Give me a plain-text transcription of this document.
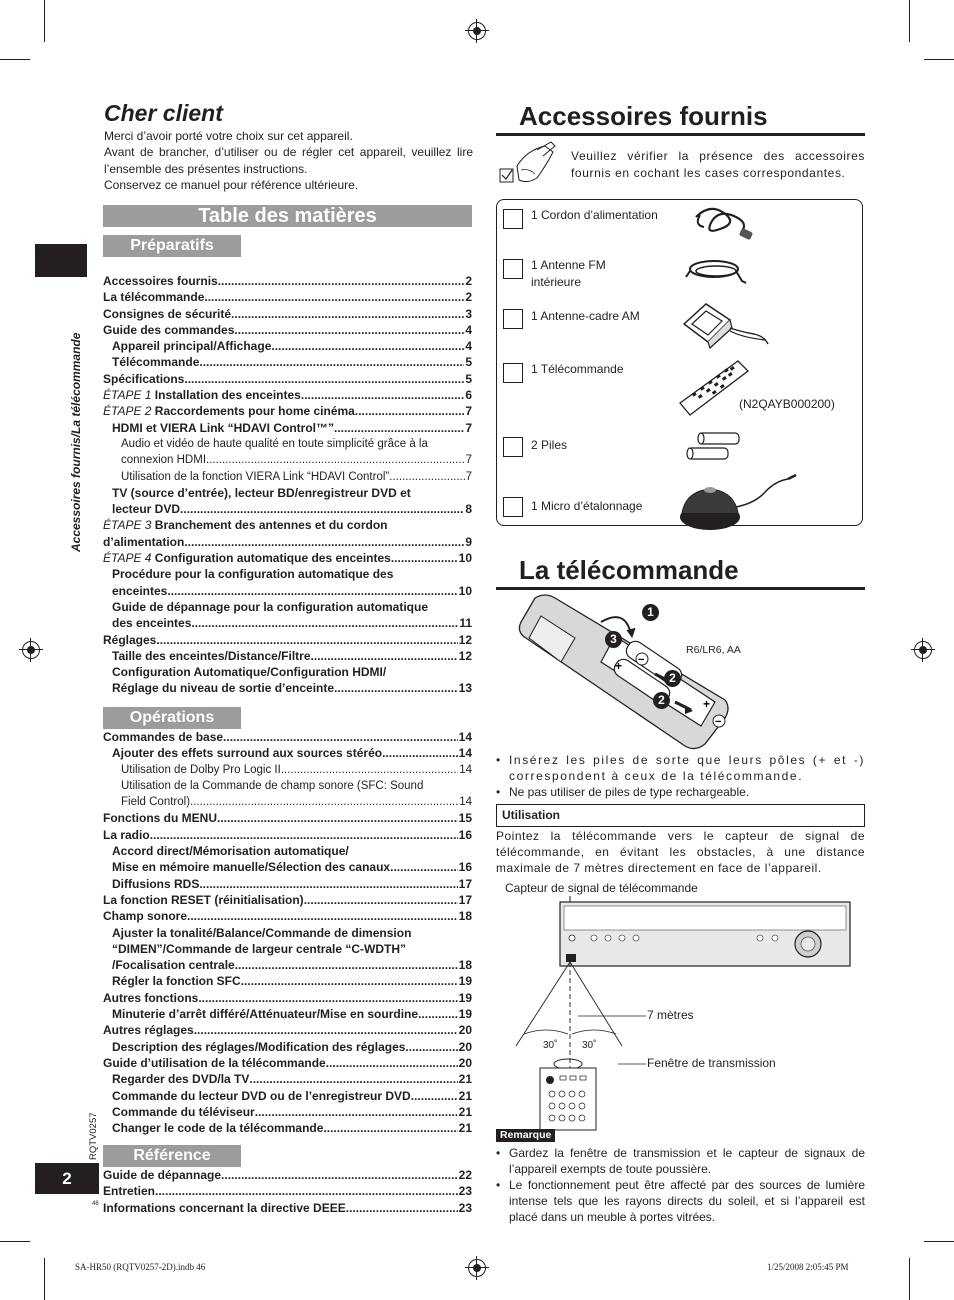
Accessoires fournis/La télécommande
RQTV0257
2
46
Cher client

Merci d’avoir porté votre choix sur cet appareil.

Avant de brancher, d’utiliser ou de régler cet appareil, veuillez lire l’ensemble des présentes instructions.

Conservez ce manuel pour référence ultérieure.

Table des matières
Préparatifs
Accessoires fournis .....	2
La télécommande .....	2
Consignes de sécurité .....	3
Guide des commandes .....	4
Appareil principal/Affichage .....	4
Télécommande .....	5
Spécifications .....	5
ÉTAPE 1 Installation des enceintes .....	6
ÉTAPE 2 Raccordements pour home cinéma .....	7
HDMI et VIERA Link “HDAVI Control™” .....	7
Audio et vidéo de haute qualité en toute simplicité grâce à la
connexion HDMI .....	7
Utilisation de la fonction VIERA Link “HDAVI Control” .....	7
TV (source d’entrée), lecteur BD/enregistreur DVD et
lecteur DVD .....	8
ÉTAPE 3 Branchement des antennes et du cordon
d’alimentation .....	9
ÉTAPE 4 Configuration automatique des enceintes .....	10
Procédure pour la configuration automatique des
enceintes .....	10
Guide de dépannage pour la configuration automatique
des enceintes .....	11
Réglages .....	12
Taille des enceintes/Distance/Filtre .....	12
Configuration Automatique/Configuration HDMI/
Réglage du niveau de sortie d’enceinte .....	13
Opérations
Commandes de base .....	14
Ajouter des effets surround aux sources stéréo .....	14
Utilisation de Dolby Pro Logic II .....	14
Utilisation de la Commande de champ sonore (SFC: Sound
Field Control) .....	14
Fonctions du MENU .....	15
La radio .....	16
Accord direct/Mémorisation automatique/
Mise en mémoire manuelle/Sélection des canaux .....	16
Diffusions RDS .....	17
La fonction RESET (réinitialisation) .....	17
Champ sonore .....	18
Ajuster la tonalité/Balance/Commande de dimension
“DIMEN”/Commande de largeur centrale “C-WDTH”
/Focalisation centrale .....	18
Régler la fonction SFC .....	19
Autres fonctions .....	19
Minuterie d’arrêt différé/Atténuateur/Mise en sourdine .....	19
Autres réglages .....	20
Description des réglages/Modification des réglages .....	20
Guide d’utilisation de la télécommande .....	20
Regarder des DVD/la TV .....	21
Commande du lecteur DVD ou de l’enregistreur DVD .....	21
Commande du téléviseur .....	21
Changer le code de la télécommande .....	21
Référence
Guide de dépannage .....	22
Entretien .....	23
Informations concernant la directive DEEE .....	23
Accessoires fournis
Veuillez vérifier la présence des accessoires fournis en cochant les cases correspondantes.
1 Cordon d’alimentation
1 Antenne FM intérieure
1 Antenne-cadre AM
1 Télécommande
2 Piles
1 Micro d’étalonnage
(N2QAYB000200)
La télécommande
+
+
−
−
1
3
2
2
R6/LR6, AA
• Insérez les piles de sorte que leurs pôles (+ et -) correspondent à ceux de la télécommande.
• Ne pas utiliser de piles de type rechargeable.
Utilisation
Pointez la télécommande vers le capteur de signal de télécommande, en évitant les obstacles, à une distance maximale de 7 mètres directement en face de l’appareil.
Capteur de signal de télécommande
7 mètres
30˚ 30˚
Fenêtre de transmission
Remarque
• Gardez la fenêtre de transmission et le capteur de signaux de l’appareil exempts de toute poussière.
• Le fonctionnement peut être affecté par des sources de lumière intense tels que les rayons directs du soleil, et si l’appareil est placé dans un meuble à portes vitrées.
SA-HR50 (RQTV0257-2D).indb 46	1/25/2008 2:05:45 PM
